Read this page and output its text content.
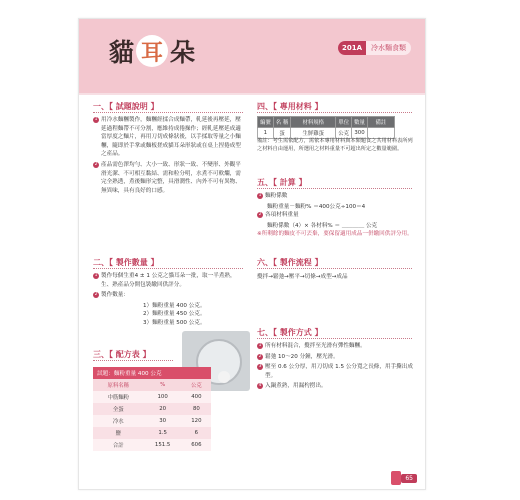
貓 耳 朵	201A	冷水麵食類
一、【 試題說明 】
1 用冷水麵糰製作，麵糰經揉合成麵帶，軋延後再壓延，壓延過程麵帶不可分割，應維持成捲操作；經軋延壓延成適當厚度之麵片，再用刀切成條狀後，以手揉取等量之小麵糰，隨即於手掌或麵板搓成貓耳朵形狀或在桌上捏捲成型之產品。
2 產品需色澤均勻、大小一致、形狀一致、不變形、外觀平滑光潔、不可相互黏結、需和粒分明，水煮不可軟爛，需完全熟透，煮後麵形完整，具滑潤性、內外不可有異物、無異味，具有良好的口感。
二、【 製作數量 】
1 製作每個生重4 ± 1 公克之貓耳朵一批，取一半煮熟，生、熟產品分開包裝繳回供評分。
2 製作數量：
1）麵粉重量 400 公克。
2）麵粉重量 450 公克。
3）麵粉重量 500 公克。
三、【 配方表 】
試題：麵粉重量 400 公克
原料名稱	%	公克
中筋麵粉	100	400
全蛋	20	80
冷水	30	120
鹽	1.5	6
合計	151.5	606
四、【 專用材料 】
編號	名 稱	材料規格	單位	數量	備註
1	蛋	生鮮雞蛋	公克	300	
備註：考生需依配方，需依本專用材料與本類題食之共用材料表所列之材料自由運用，所選用之材料重量不可超出所定之數量範圍。
五、【 計算 】
1 麵粉係數
麵粉重量－麵粉% ＝400公克÷100＝4
2 各項材料重量
麵粉係數（4）× 各材料% ＝ ＿＿＿＿ 公克
※所剩餘的麵皮不可丟棄，要保留適用成品一併繳回供評分用。
六、【 製作流程 】
攪拌→鬆弛→壓平→切條→成型→成品
七、【 製作方式 】
1 所有材料混合，攪拌至光滑有彈性麵糰。
2 鬆弛 10～20 分鐘，壓光滑。
3 壓至 0.6 公分厚，用刀切成 1.5 公分寬之長條，用手撕出成型。
4 入鍋煮熟，用漏杓撈出。
65
